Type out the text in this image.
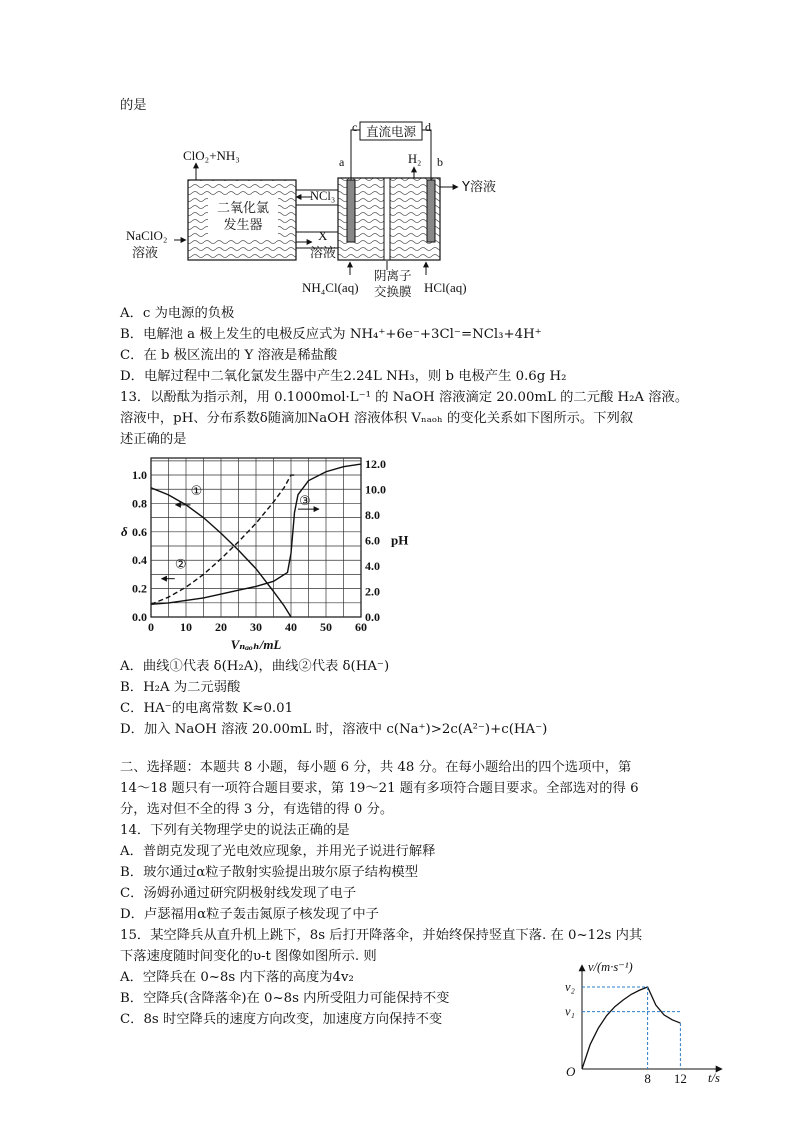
的是
二氧化氯
发生器
ClO₂+NH₃
NaClO₂
溶液
NCl₃
X
溶液
直流电源
c	d
a	b
H₂
Y溶液
NH₄Cl(aq)
阴离子
交换膜 HCl(aq)
A．c 为电源的负极
B．电解池 a 极上发生的电极反应式为 NH₄⁺+6e⁻+3Cl⁻=NCl₃+4H⁺
C．在 b 极区流出的 Y 溶液是稀盐酸
D．电解过程中二氧化氯发生器中产生2.24L NH₃，则 b 电极产生 0.6g H₂
13．以酚酞为指示剂，用 0.1000mol·L⁻¹ 的 NaOH 溶液滴定 20.00mL 的二元酸 H₂A 溶液。
溶液中，pH、分布系数δ随滴加NaOH 溶液体积 Vₙₐₒₕ 的变化关系如下图所示。下列叙
述正确的是
0 10 20 30 40 50 60
0.0
0.2
0.4
0.6
0.8
1.0
0.0
2.0
4.0
6.0
8.0
10.0
12.0
δ
pH
Vₙₐₒₕ/mL
①
②
③
A．曲线①代表 δ(H₂A)，曲线②代表 δ(HA⁻)
B．H₂A 为二元弱酸
C．HA⁻的电离常数 K≈0.01
D．加入 NaOH 溶液 20.00mL 时，溶液中 c(Na⁺)>2c(A²⁻)+c(HA⁻)
二、选择题：本题共 8 小题，每小题 6 分，共 48 分。在每小题给出的四个选项中，第
14～18 题只有一项符合题目要求，第 19～21 题有多项符合题目要求。全部选对的得 6
分，选对但不全的得 3 分，有选错的得 0 分。
14．下列有关物理学史的说法正确的是
A．普朗克发现了光电效应现象，并用光子说进行解释
B．玻尔通过α粒子散射实验提出玻尔原子结构模型
C．汤姆孙通过研究阴极射线发现了电子
D．卢瑟福用α粒子轰击氮原子核发现了中子
15．某空降兵从直升机上跳下，8s 后打开降落伞，并始终保持竖直下落. 在 0~12s 内其
下落速度随时间变化的υ-t 图像如图所示. 则
A．空降兵在 0~8s 内下落的高度为4v₂
B．空降兵(含降落伞)在 0~8s 内所受阻力可能保持不变
C．8s 时空降兵的速度方向改变，加速度方向保持不变
v/(m·s⁻¹)
t/s
O
v₂
v₁
8 12
